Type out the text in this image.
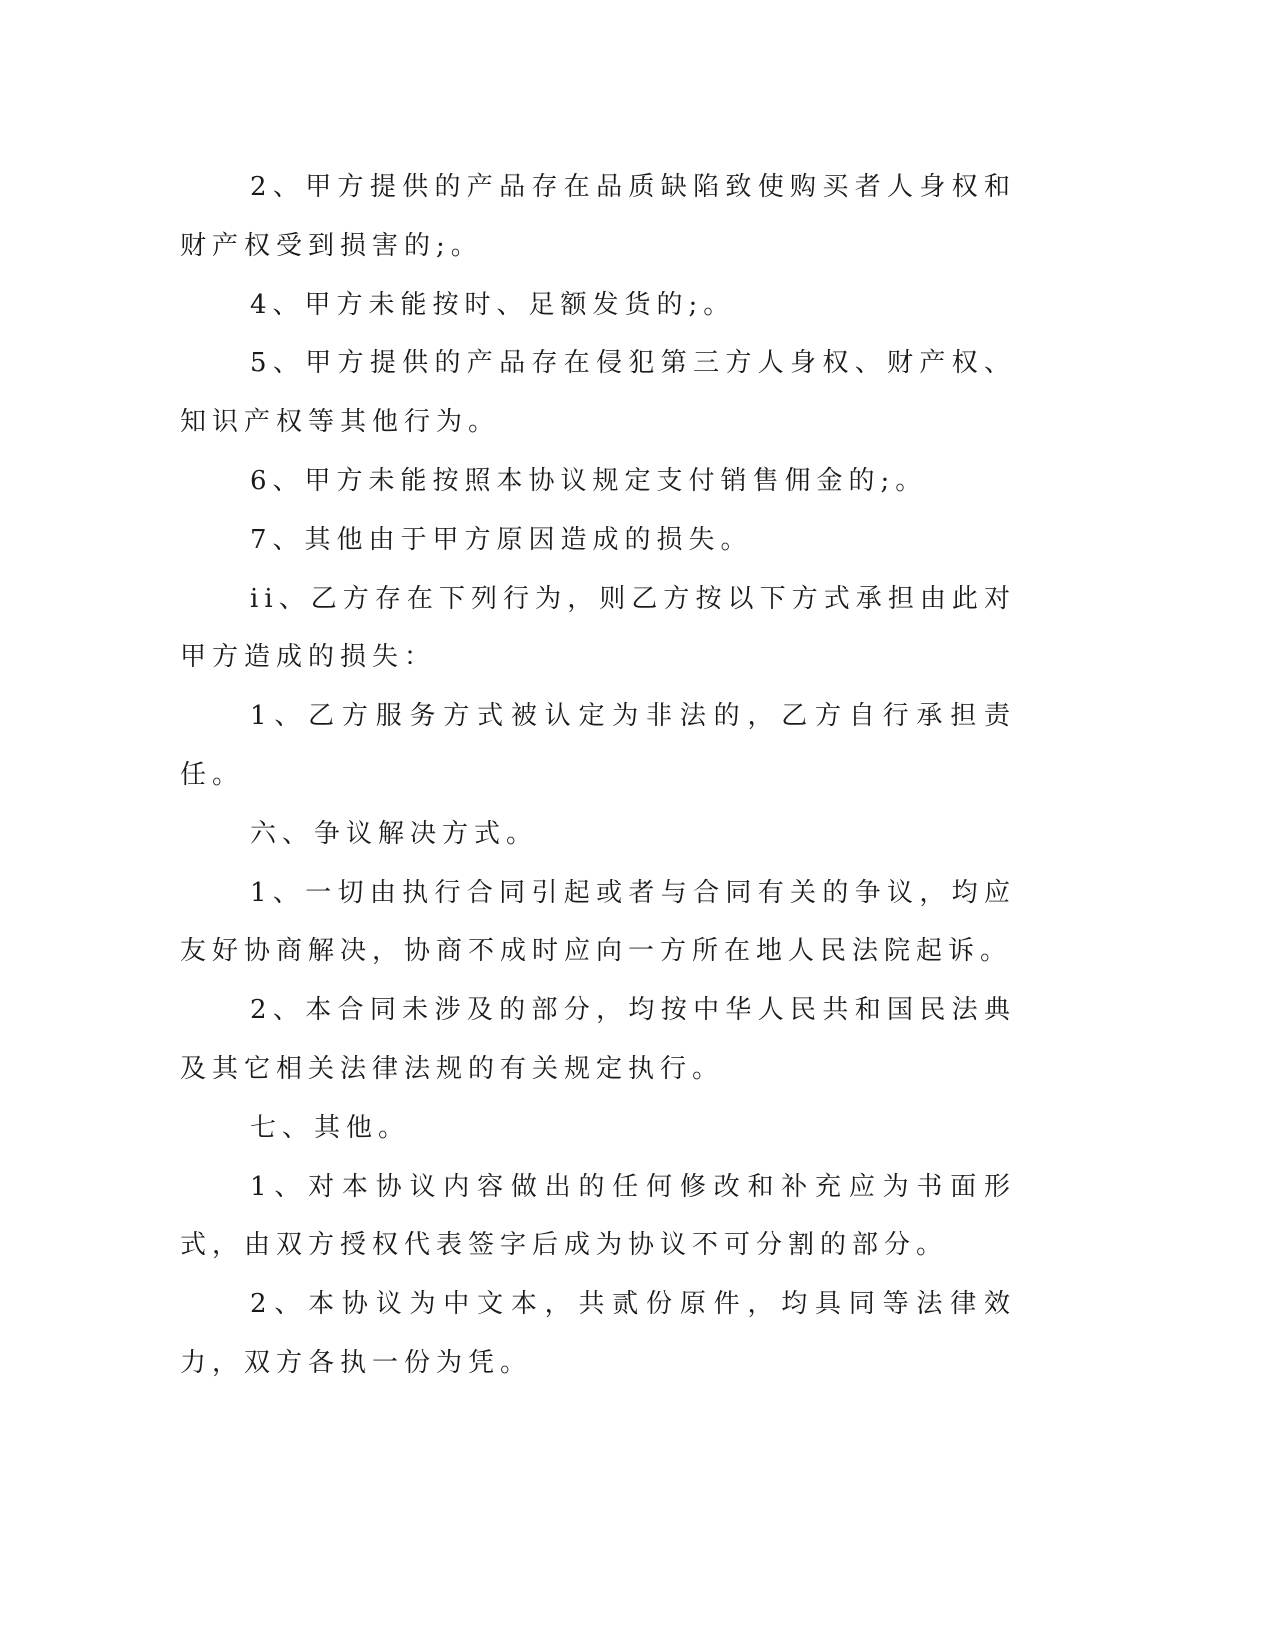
2、甲方提供的产品存在品质缺陷致使购买者人身权和财产权受到损害的;。

4、甲方未能按时、足额发货的;。

5、甲方提供的产品存在侵犯第三方人身权、财产权、知识产权等其他行为。

6、甲方未能按照本协议规定支付销售佣金的;。

7、其他由于甲方原因造成的损失。

ii、乙方存在下列行为，则乙方按以下方式承担由此对甲方造成的损失：

1、乙方服务方式被认定为非法的，乙方自行承担责任。

六、争议解决方式。

1、一切由执行合同引起或者与合同有关的争议，均应友好协商解决，协商不成时应向一方所在地人民法院起诉。

2、本合同未涉及的部分，均按中华人民共和国民法典及其它相关法律法规的有关规定执行。

七、其他。

1、对本协议内容做出的任何修改和补充应为书面形式，由双方授权代表签字后成为协议不可分割的部分。

2、本协议为中文本，共贰份原件，均具同等法律效力，双方各执一份为凭。
